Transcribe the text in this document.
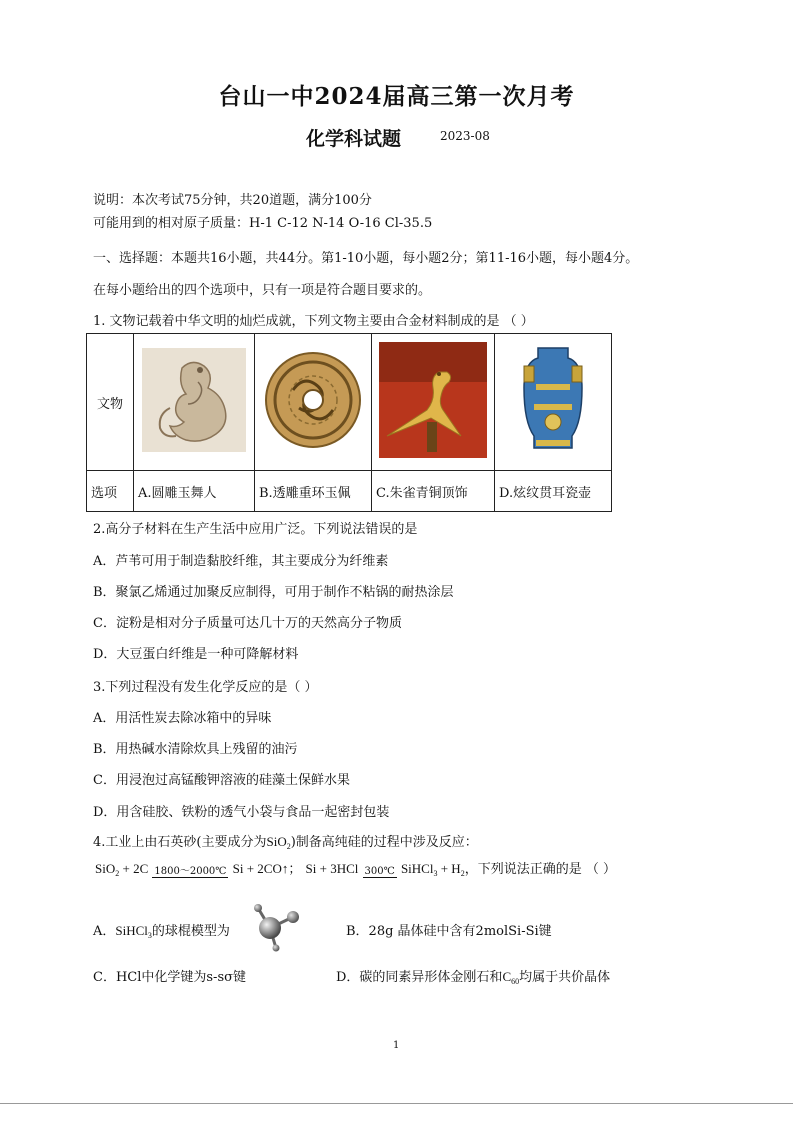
台山一中2024届高三第一次月考
化学科试题	2023-08
说明：本次考试75分钟，共20道题，满分100分
可能用到的相对原子质量：H-1 C-12 N-14 O-16 Cl-35.5
一、选择题：本题共16小题，共44分。第1-10小题，每小题2分；第11-16小题，每小题4分。
在每小题给出的四个选项中，只有一项是符合题目要求的。
1. 文物记载着中华文明的灿烂成就，下列文物主要由合金材料制成的是 （ ）
文物				
选项	A.圆雕玉舞人	B.透雕重环玉佩	C.朱雀青铜顶饰	D.炫纹贯耳瓷壶
2.高分子材料在生产生活中应用广泛。下列说法错误的是
A．芦苇可用于制造黏胶纤维，其主要成分为纤维素
B．聚氯乙烯通过加聚反应制得，可用于制作不粘锅的耐热涂层
C．淀粉是相对分子质量可达几十万的天然高分子物质
D．大豆蛋白纤维是一种可降解材料
3.下列过程没有发生化学反应的是（ ）
A．用活性炭去除冰箱中的异味
B．用热碱水清除炊具上残留的油污
C．用浸泡过高锰酸钾溶液的硅藻土保鲜水果
D．用含硅胶、铁粉的透气小袋与食品一起密封包装
4.工业上由石英砂(主要成分为SiO$_2$)制备高纯硅的过程中涉及反应：
SiO$_2$ + 2C 1800～2000℃ Si + 2CO↑； Si + 3HCl 300℃ SiHCl$_3$ + $H_2$，下列说法正确的是 （ ）
A．SiHCl$_3$的球棍模型为	B．28g 晶体硅中含有2molSi-Si键
C．HCl中化学键为s-sσ键	D．碳的同素异形体金刚石和$C_{60}$均属于共价晶体
1
